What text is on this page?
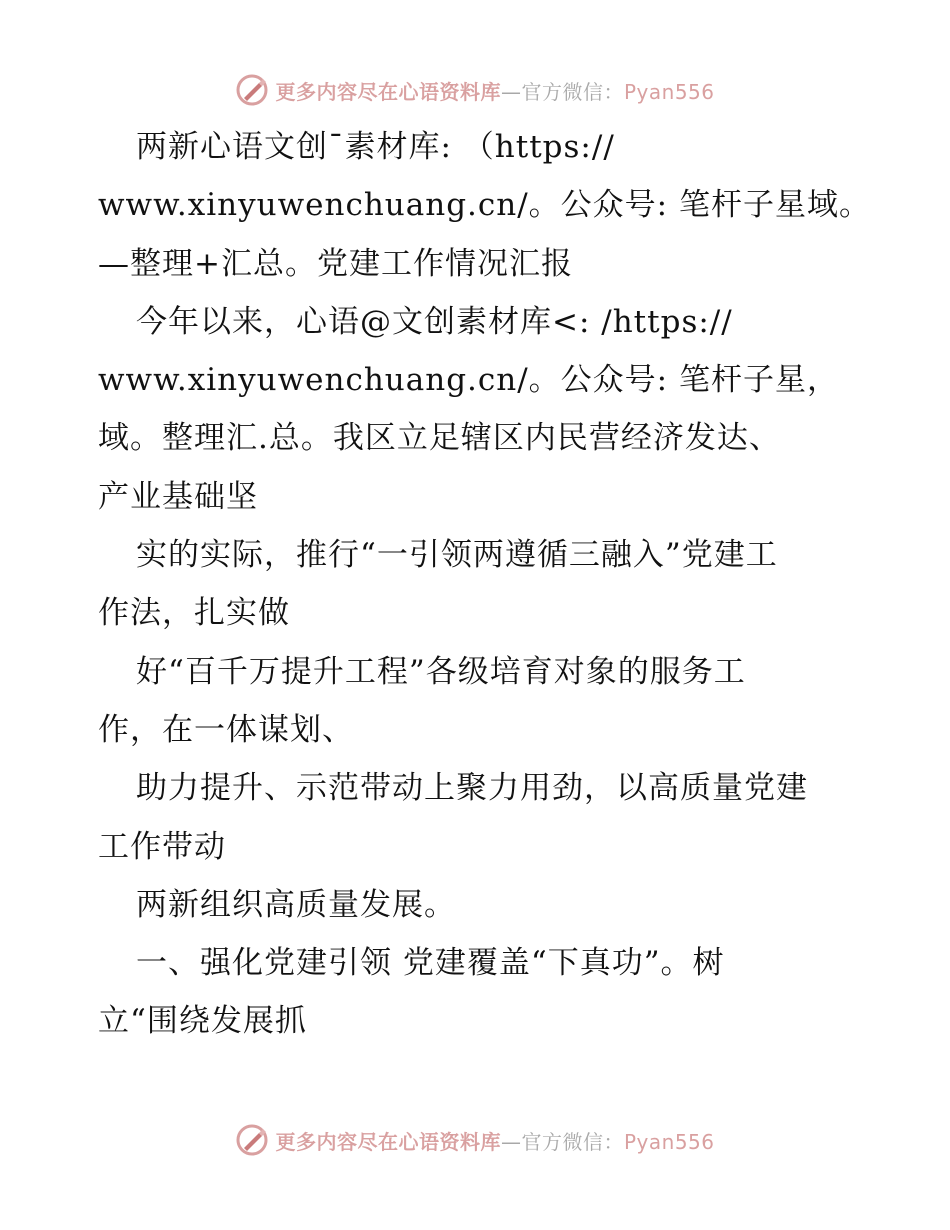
更多内容尽在心语资料库—官方微信：Pyan556
两新心语文创¯素材库: （https://
www.xinyuwenchuang.cn/。公众号: 笔杆子星域。
—整理+汇总。党建工作情况汇报
今年以来，心语@文创素材库<: /https://
www.xinyuwenchuang.cn/。公众号: 笔杆子星，
域。整理汇.总。我区立足辖区内民营经济发达、
产业基础坚
实的实际，推行“一引领两遵循三融入”党建工
作法，扎实做
好“百千万提升工程”各级培育对象的服务工
作，在一体谋划、
助力提升、示范带动上聚力用劲，以高质量党建
工作带动
两新组织高质量发展。
一、强化党建引领 党建覆盖“下真功”。树
立“围绕发展抓
更多内容尽在心语资料库—官方微信：Pyan556
